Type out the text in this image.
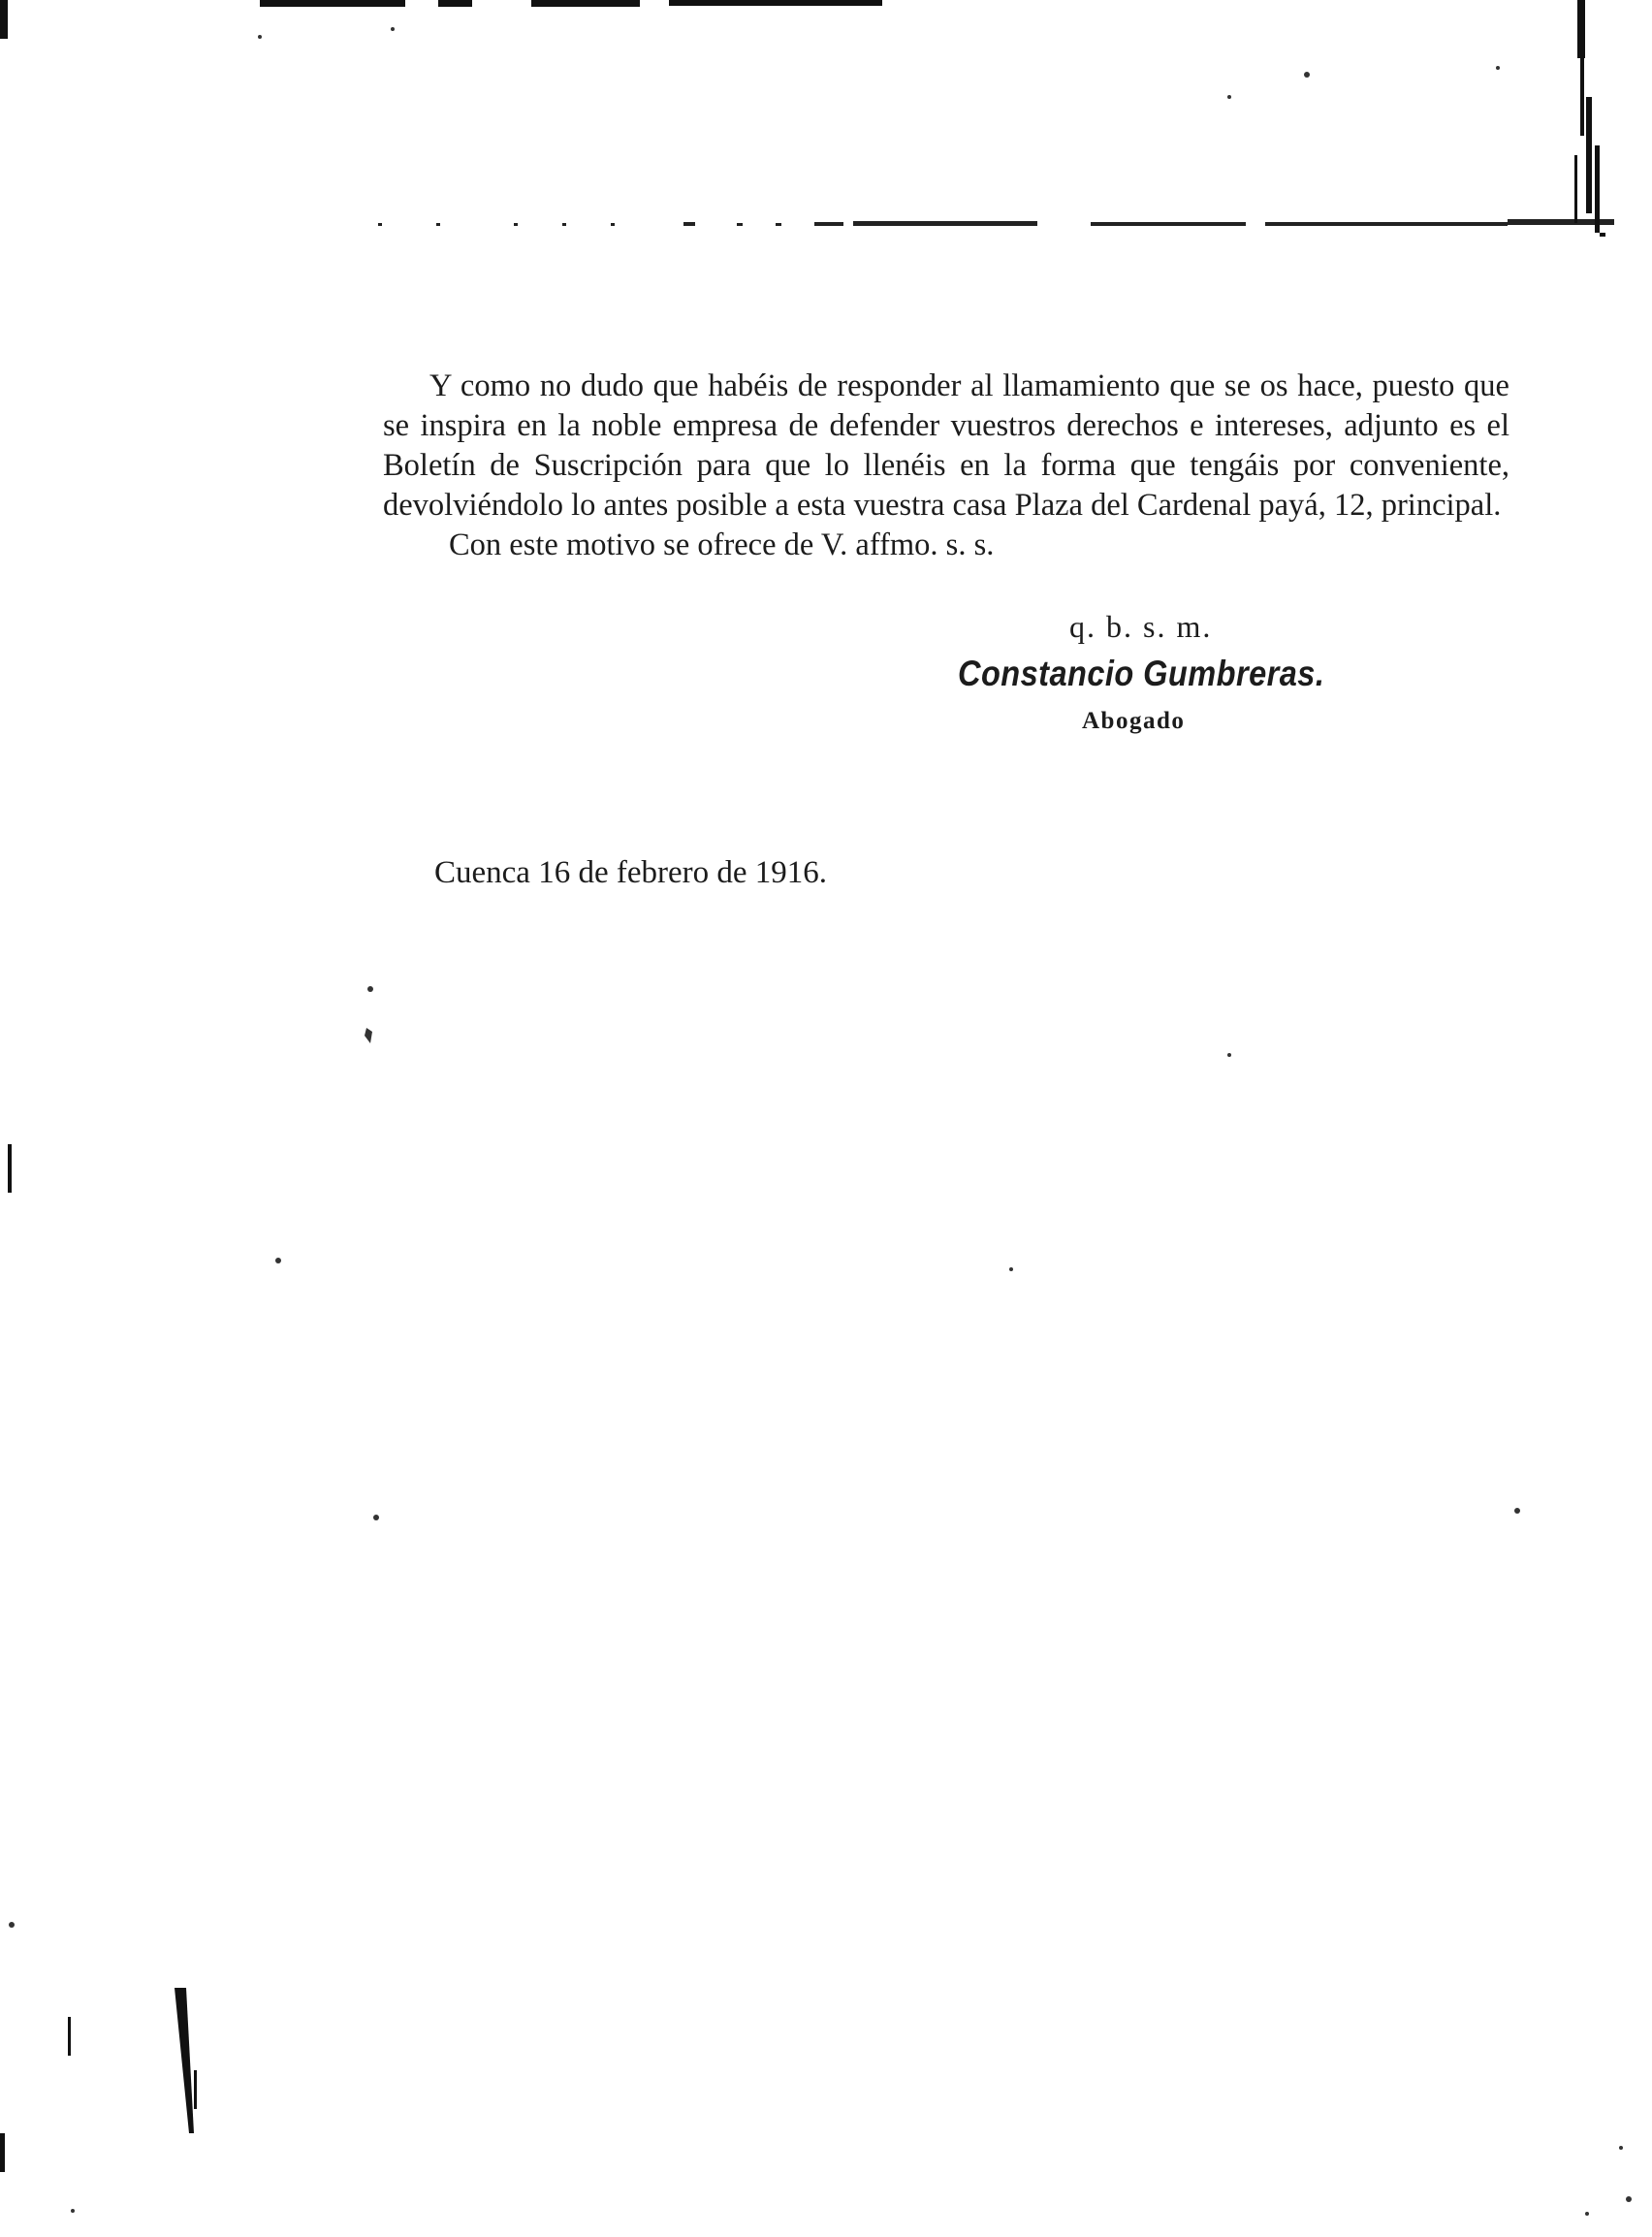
Y como no dudo que habéis de responder al llamamiento que se os hace, puesto que se inspira en la noble empresa de defender vuestros derechos e intereses, adjunto es el Boletín de Suscripción para que lo llenéis en la forma que tengáis por conveniente, devolviéndolo lo antes posible a esta vuestra casa Plaza del Cardenal payá, 12, principal.

Con este motivo se ofrece de V. affmo. s. s.

q. b. s. m.
Constancio Gumbreras.
Abogado
Cuenca 16 de febrero de 1916.
